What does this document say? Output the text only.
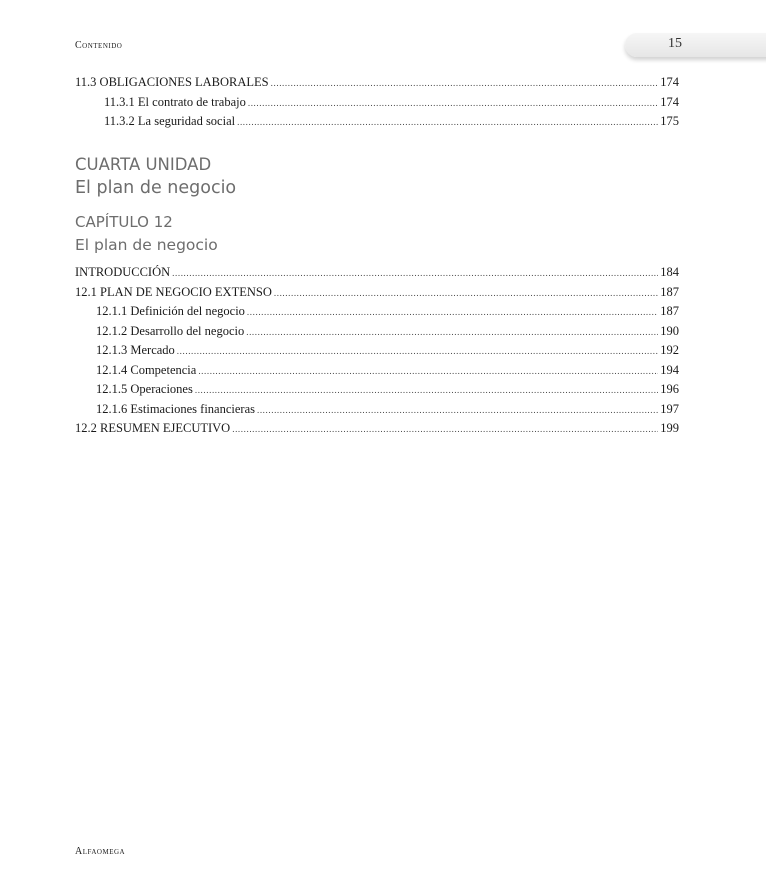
Contenido	15
11.3 OBLIGACIONES LABORALES .....	174
11.3.1 El contrato de trabajo .....	174
11.3.2 La seguridad social .....	175
CUARTA UNIDAD
El plan de negocio
CAPÍTULO 12
El plan de negocio
INTRODUCCIÓN .....	184
12.1 PLAN DE NEGOCIO EXTENSO .....	187
12.1.1 Definición del negocio .....	187
12.1.2 Desarrollo del negocio .....	190
12.1.3 Mercado .....	192
12.1.4 Competencia .....	194
12.1.5 Operaciones .....	196
12.1.6 Estimaciones financieras .....	197
12.2 RESUMEN EJECUTIVO .....	199
Alfaomega
